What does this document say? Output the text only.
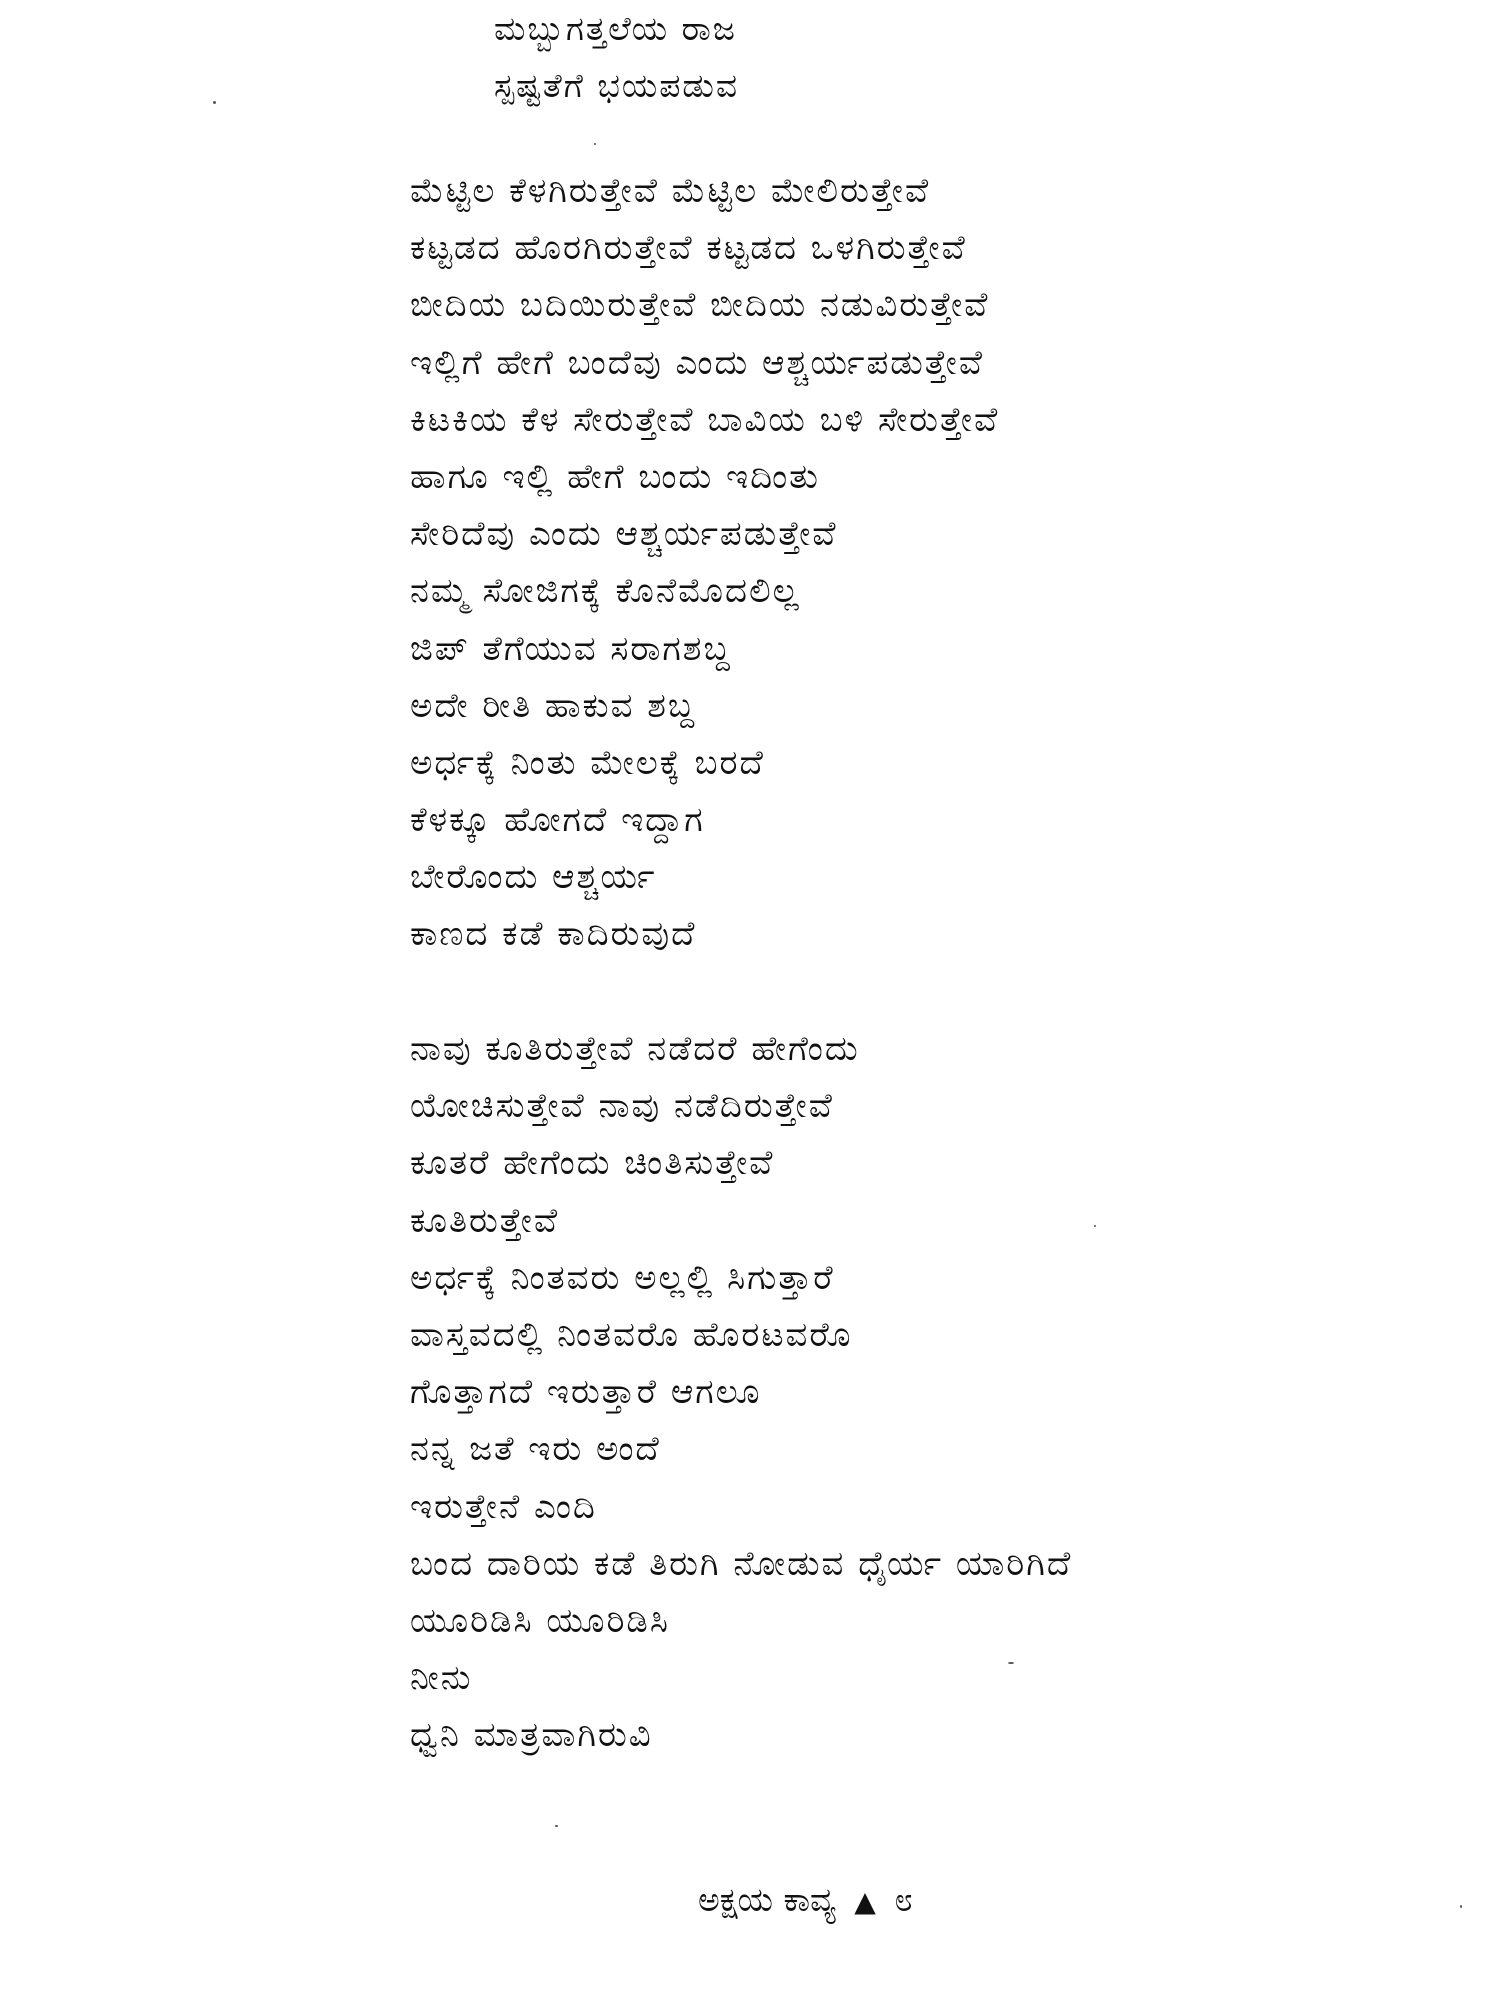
ಮಬ್ಬುಗತ್ತಲೆಯ ರಾಜ
ಸ್ಪಷ್ಟತೆಗೆ ಭಯಪಡುವ
ಮೆಟ್ಟಿಲ ಕೆಳಗಿರುತ್ತೇವೆ ಮೆಟ್ಟಿಲ ಮೇಲಿರುತ್ತೇವೆ
ಕಟ್ಟಡದ ಹೊರಗಿರುತ್ತೇವೆ ಕಟ್ಟಡದ ಒಳಗಿರುತ್ತೇವೆ
ಬೀದಿಯ ಬದಿಯಿರುತ್ತೇವೆ ಬೀದಿಯ ನಡುವಿರುತ್ತೇವೆ
ಇಲ್ಲಿಗೆ ಹೇಗೆ ಬಂದೆವು ಎಂದು ಆಶ್ಚರ್ಯಪಡುತ್ತೇವೆ
ಕಿಟಕಿಯ ಕೆಳ ಸೇರುತ್ತೇವೆ ಬಾವಿಯ ಬಳಿ ಸೇರುತ್ತೇವೆ
ಹಾಗೂ ಇಲ್ಲಿ ಹೇಗೆ ಬಂದು ಇದಿಂತು
ಸೇರಿದೆವು ಎಂದು ಆಶ್ಚರ್ಯಪಡುತ್ತೇವೆ
ನಮ್ಮ ಸೋಜಿಗಕ್ಕೆ ಕೊನೆಮೊದಲಿಲ್ಲ
ಜಿಪ್ ತೆಗೆಯುವ ಸರಾಗಶಬ್ದ
ಅದೇ ರೀತಿ ಹಾಕುವ ಶಬ್ದ
ಅರ್ಧಕ್ಕೆ ನಿಂತು ಮೇಲಕ್ಕೆ ಬರದೆ
ಕೆಳಕ್ಕೂ ಹೋಗದೆ ಇದ್ದಾಗ
ಬೇರೊಂದು ಆಶ್ಚರ್ಯ
ಕಾಣದ ಕಡೆ ಕಾದಿರುವುದೆ
ನಾವು ಕೂತಿರುತ್ತೇವೆ ನಡೆದರೆ ಹೇಗೆಂದು
ಯೋಚಿಸುತ್ತೇವೆ ನಾವು ನಡೆದಿರುತ್ತೇವೆ
ಕೂತರೆ ಹೇಗೆಂದು ಚಿಂತಿಸುತ್ತೇವೆ
ಕೂತಿರುತ್ತೇವೆ
ಅರ್ಧಕ್ಕೆ ನಿಂತವರು ಅಲ್ಲಲ್ಲಿ ಸಿಗುತ್ತಾರೆ
ವಾಸ್ತವದಲ್ಲಿ ನಿಂತವರೊ ಹೊರಟವರೊ
ಗೊತ್ತಾಗದೆ ಇರುತ್ತಾರೆ ಆಗಲೂ
ನನ್ನ ಜತೆ ಇರು ಅಂದೆ
ಇರುತ್ತೇನೆ ಎಂದಿ
ಬಂದ ದಾರಿಯ ಕಡೆ ತಿರುಗಿ ನೋಡುವ ಧೈರ್ಯ ಯಾರಿಗಿದೆ
ಯೂರಿಡಿಸಿ ಯೂರಿಡಿಸಿ
ನೀನು
ಧ್ವನಿ ಮಾತ್ರವಾಗಿರುವಿ
ಅಕ್ಷಯ ಕಾವ್ಯ ▲ ೮
